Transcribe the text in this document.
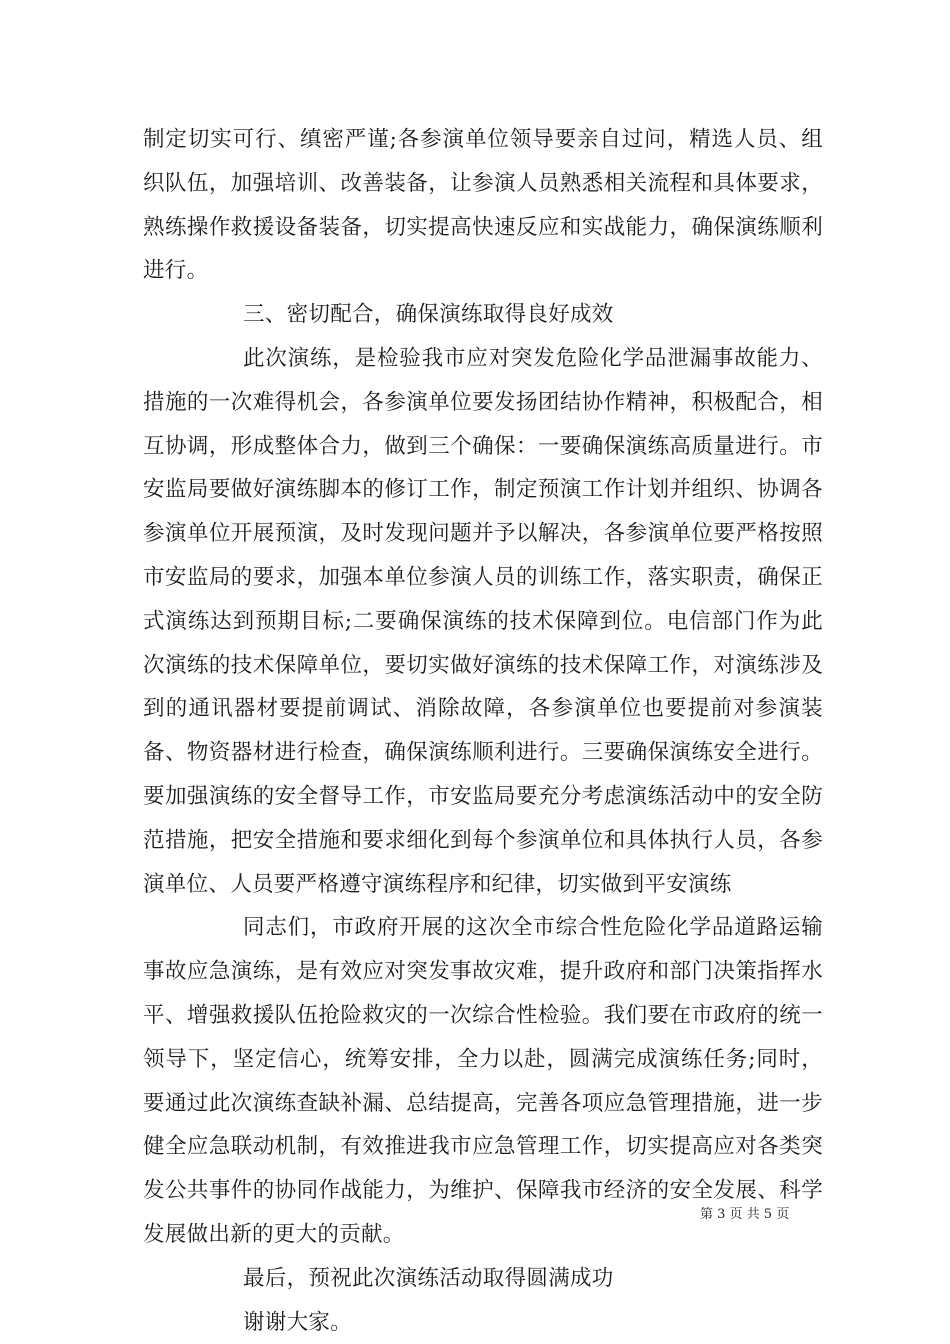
制定切实可行、缜密严谨;各参演单位领导要亲自过问，精选人员、组织队伍，加强培训、改善装备，让参演人员熟悉相关流程和具体要求，熟练操作救援设备装备，切实提高快速反应和实战能力，确保演练顺利进行。

三、密切配合，确保演练取得良好成效

此次演练，是检验我市应对突发危险化学品泄漏事故能力、措施的一次难得机会，各参演单位要发扬团结协作精神，积极配合，相互协调，形成整体合力，做到三个确保：一要确保演练高质量进行。市安监局要做好演练脚本的修订工作，制定预演工作计划并组织、协调各参演单位开展预演，及时发现问题并予以解决，各参演单位要严格按照市安监局的要求，加强本单位参演人员的训练工作，落实职责，确保正式演练达到预期目标;二要确保演练的技术保障到位。电信部门作为此次演练的技术保障单位，要切实做好演练的技术保障工作，对演练涉及到的通讯器材要提前调试、消除故障，各参演单位也要提前对参演装备、物资器材进行检查，确保演练顺利进行。三要确保演练安全进行。要加强演练的安全督导工作，市安监局要充分考虑演练活动中的安全防范措施，把安全措施和要求细化到每个参演单位和具体执行人员，各参演单位、人员要严格遵守演练程序和纪律，切实做到平安演练

同志们，市政府开展的这次全市综合性危险化学品道路运输事故应急演练，是有效应对突发事故灾难，提升政府和部门决策指挥水平、增强救援队伍抢险救灾的一次综合性检验。我们要在市政府的统一领导下，坚定信心，统筹安排，全力以赴，圆满完成演练任务;同时，要通过此次演练查缺补漏、总结提高，完善各项应急管理措施，进一步健全应急联动机制，有效推进我市应急管理工作，切实提高应对各类突发公共事件的协同作战能力，为维护、保障我市经济的安全发展、科学发展做出新的更大的贡献。

最后，预祝此次演练活动取得圆满成功

谢谢大家。

第 3 页 共 5 页
